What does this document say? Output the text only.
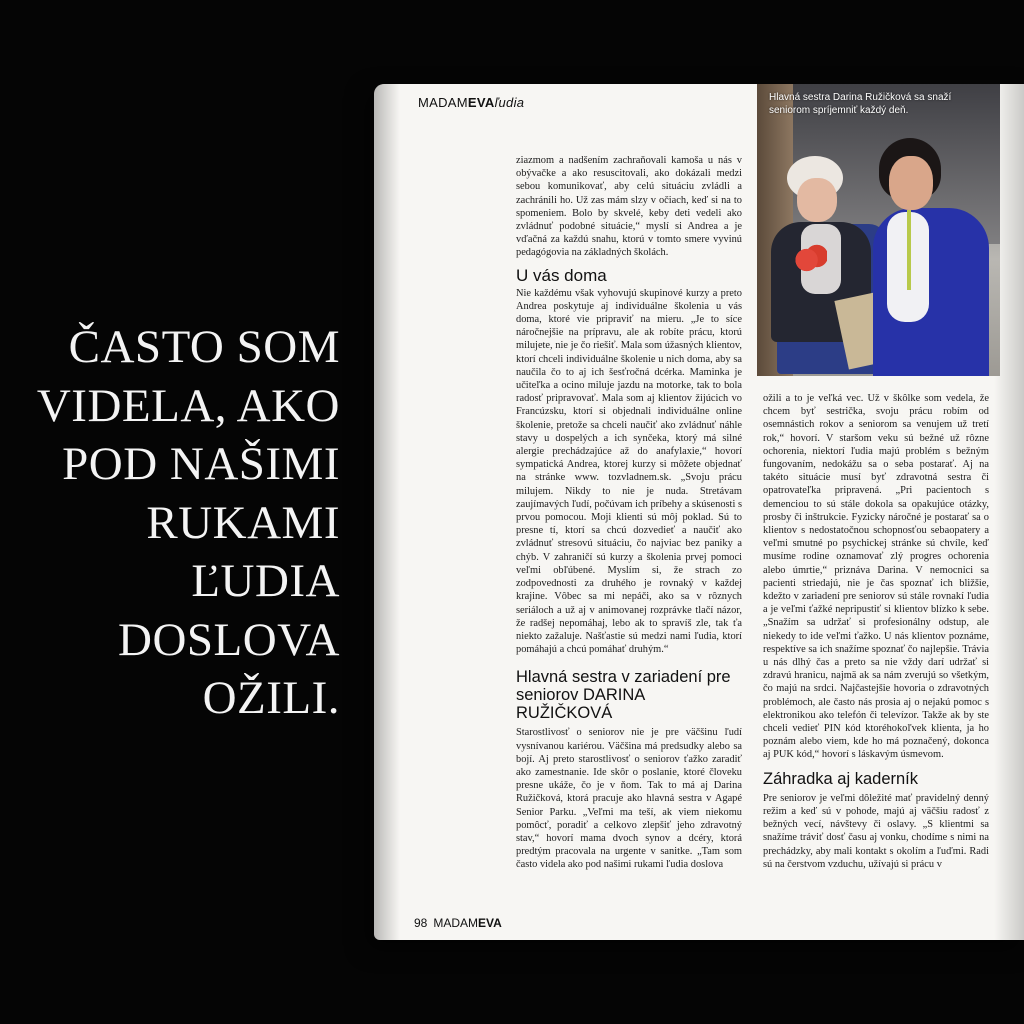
ČASTO SOM
VIDELA, AKO
POD NAŠIMI
RUKAMI
ĽUDIA
DOSLOVA
OŽILI.
MADAMEVAľudia

ziazmom a nadšením zachraňovali kamoša u nás v obývačke a ako resuscitovali, ako dokázali medzi sebou komunikovať, aby celú situáciu zvládli a zachránili ho. Už zas mám slzy v očiach, keď si na to spomeniem. Bolo by skvelé, keby deti vedeli ako zvládnuť podobné situácie,“ myslí si Andrea a je vďačná za každú snahu, ktorú v tomto smere vyvinú pedagógovia na základných školách.

U vás doma

Nie každému však vyhovujú skupinové kurzy a preto Andrea poskytuje aj individuálne školenia u vás doma, ktoré vie pripraviť na mieru. „Je to síce náročnejšie na prípravu, ale ak robíte prácu, ktorú milujete, nie je čo riešiť. Mala som úžasných klientov, ktorí chceli individuálne školenie u nich doma, aby sa naučila čo to aj ich šesťročná dcérka. Maminka je učiteľka a ocino miluje jazdu na motorke, tak to bola radosť pripravovať. Mala som aj klientov žijúcich vo Francúzsku, ktorí si objednali individuálne online školenie, pretože sa chceli naučiť ako zvládnuť náhle stavy u dospelých a ich synčeka, ktorý má silné alergie prechádzajúce až do anafylaxie,“ hovorí sympatická Andrea, ktorej kurzy si môžete objednať na stránke www. tozvladnem.sk. „Svoju prácu milujem. Nikdy to nie je nuda. Stretávam zaujímavých ľudí, počúvam ich príbehy a skúsenosti s prvou pomocou. Moji klienti sú môj poklad. Sú to presne tí, ktorí sa chcú dozvedieť a naučiť ako zvládnuť stresovú situáciu, čo najviac bez paniky a chýb. V zahraničí sú kurzy a školenia prvej pomoci veľmi obľúbené. Myslím si, že strach zo zodpovednosti za druhého je rovnaký v každej krajine. Vôbec sa mi nepáči, ako sa v rôznych seriáloch a už aj v animovanej rozprávke tlačí názor, že radšej nepomáhaj, lebo ak to spravíš zle, tak ťa niekto zažaluje. Našťastie sú medzi nami ľudia, ktorí pomáhajú a chcú pomáhať druhým.“

Hlavná sestra v zariadení pre seniorov DARINA RUŽIČKOVÁ

Starostlivosť o seniorov nie je pre väčšinu ľudí vysnívanou kariérou. Väčšina má predsudky alebo sa bojí. Aj preto starostlivosť o seniorov ťažko zaradiť ako zamestnanie. Ide skôr o poslanie, ktoré človeku presne ukáže, čo je v ňom. Tak to má aj Darina Ružičková, ktorá pracuje ako hlavná sestra v Agapé Senior Parku. „Veľmi ma teší, ak viem niekomu pomôcť, poradiť a celkovo zlepšiť jeho zdravotný stav,“ hovorí mama dvoch synov a dcéry, ktorá predtým pracovala na urgente v sanitke. „Tam som často videla ako pod našimi rukami ľudia doslova

Hlavná sestra Darina Ružičková sa snaží seniorom spríjemniť každý deň.

ožili a to je veľká vec. Už v škôlke som vedela, že chcem byť sestrička, svoju prácu robím od osemnástich rokov a seniorom sa venujem už tretí rok,“ hovorí. V staršom veku sú bežné už rôzne ochorenia, niektorí ľudia majú problém s bežným fungovaním, nedokážu sa o seba postarať. Aj na takéto situácie musí byť zdravotná sestra či opatrovateľka pripravená. „Pri pacientoch s demenciou to sú stále dokola sa opakujúce otázky, prosby či inštrukcie. Fyzicky náročné je postarať sa o klientov s nedostatočnou schopnosťou sebaopatery a veľmi smutné po psychickej stránke sú chvíle, keď musíme rodine oznamovať zlý progres ochorenia alebo úmrtie,“ priznáva Darina. V nemocnici sa pacienti striedajú, nie je čas spoznať ich bližšie, kdežto v zariadení pre seniorov sú stále rovnakí ľudia a je veľmi ťažké nepripustiť si klientov blízko k sebe. „Snažím sa udržať si profesionálny odstup, ale niekedy to ide veľmi ťažko. U nás klientov poznáme, respektíve sa ich snažíme spoznať čo najlepšie. Trávia u nás dlhý čas a preto sa nie vždy darí udržať si zdravú hranicu, najmä ak sa nám zverujú so všetkým, čo majú na srdci. Najčastejšie hovoria o zdravotných problémoch, ale často nás prosia aj o nejakú pomoc s elektronikou ako telefón či televízor. Takže ak by ste chceli vedieť PIN kód ktoréhokoľvek klienta, ja ho poznám alebo viem, kde ho má poznačený, dokonca aj PUK kód,“ hovorí s láskavým úsmevom.

Záhradka aj kaderník

Pre seniorov je veľmi dôležité mať pravidelný denný režim a keď sú v pohode, majú aj väčšiu radosť z bežných vecí, návštevy či oslavy. „S klientmi sa snažíme tráviť dosť času aj vonku, chodíme s nimi na prechádzky, aby mali kontakt s okolím a ľuďmi. Radi sú na čerstvom vzduchu, užívajú si prácu v

98 MADAMEVA
